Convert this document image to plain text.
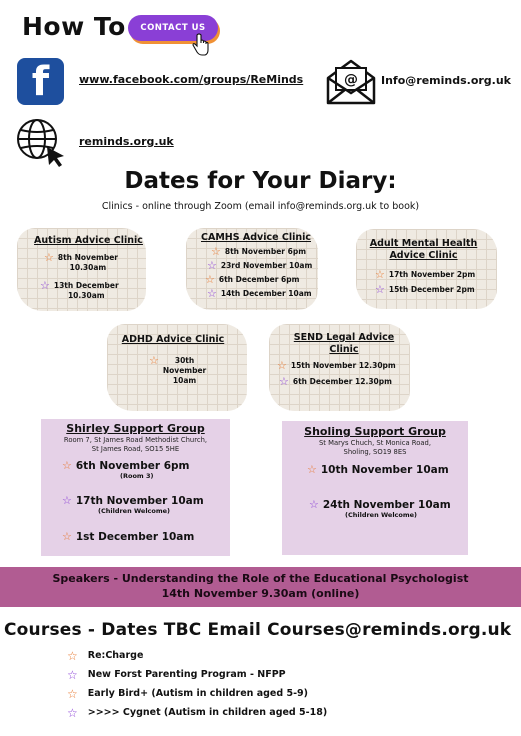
How To	CONTACT US
f	www.facebook.com/groups/ReMinds	@ Info@reminds.org.uk
reminds.org.uk
Dates for Your Diary:
Clinics - online through Zoom (email info@reminds.org.uk to book)
Autism Advice Clinic
☆ 8th November
10.30am
☆ 13th December
10.30am
CAMHS Advice Clinic
☆ 8th November 6pm
☆ 23rd November 10am
☆ 6th December 6pm
☆ 14th December 10am
Adult Mental Health
Advice Clinic
☆ 17th November 2pm
☆ 15th December 2pm
ADHD Advice Clinic
☆	30th
November
10am
SEND Legal Advice
Clinic
☆ 15th November 12.30pm
☆ 6th December 12.30pm
Shirley Support Group
Room 7, St James Road Methodist Church,
St James Road, SO15 5HE
☆ 6th November 6pm
(Room 3)
☆ 17th November 10am
(Children Welcome)
☆ 1st December 10am
Sholing Support Group
St Marys Chuch, St Monica Road,
Sholing, SO19 8ES
☆ 10th November 10am
☆ 24th November 10am
(Children Welcome)
Speakers - Understanding the Role of the Educational Psychologist
14th November 9.30am (online)
Courses - Dates TBC Email Courses@reminds.org.uk
☆ Re:Charge
☆ New Forst Parenting Program - NFPP
☆ Early Bird+ (Autism in children aged 5-9)
☆ >>>> Cygnet (Autism in children aged 5-18)
